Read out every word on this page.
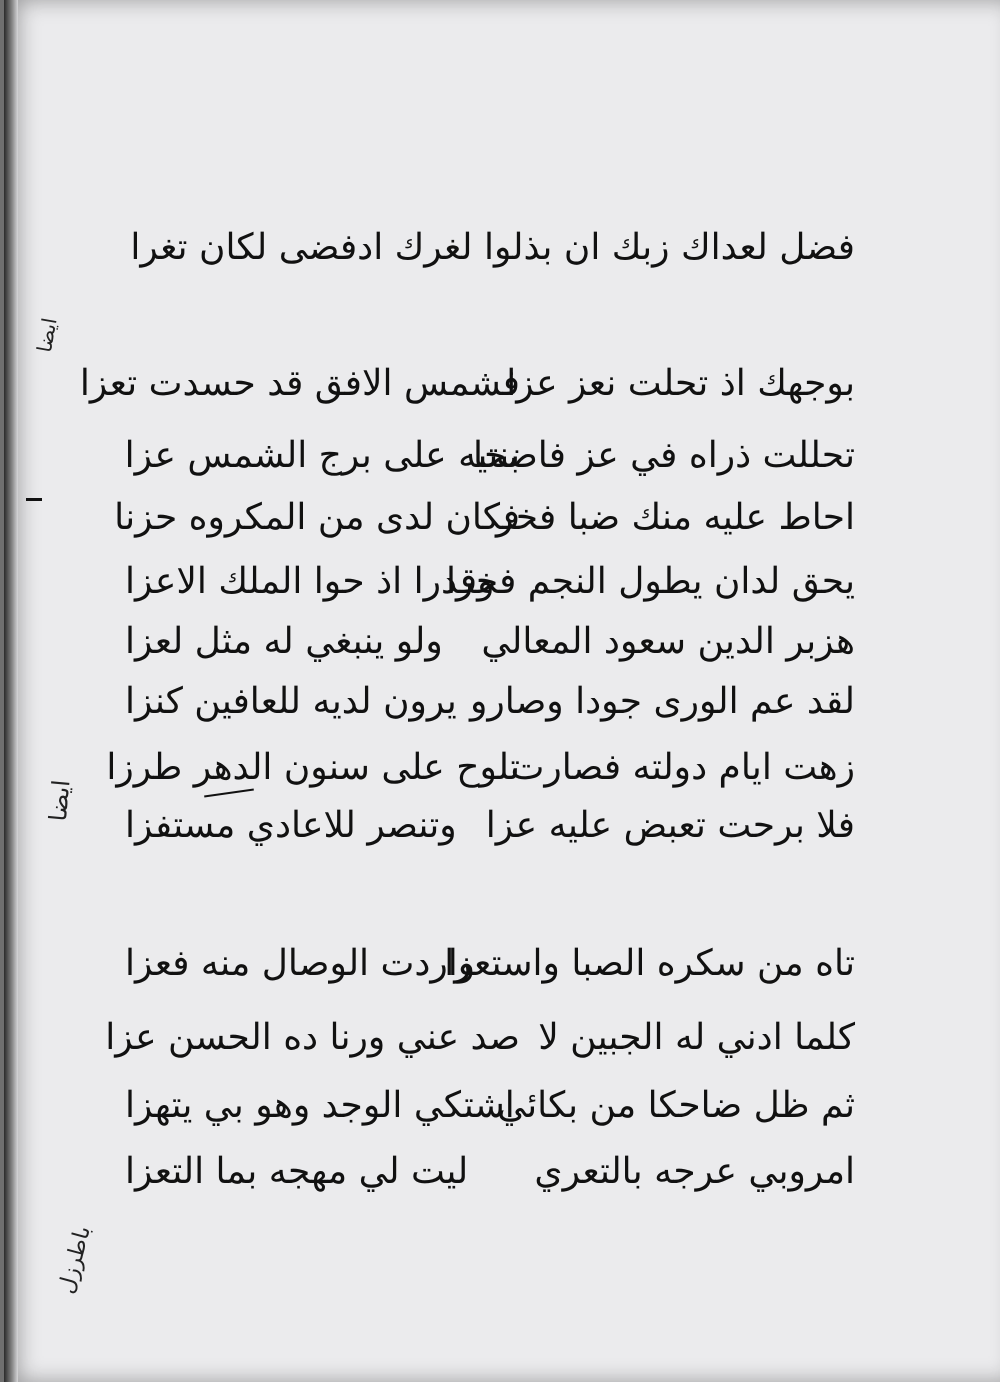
فضل لعداك زبك ان بذلوا لغرك ادفضى لكان تغرا
بوجهك اذ تحلت نعز عزا
فشمس الافق قد حسدت تعزا
تحللت ذراه في عز فاضحا
بنتيه على برج الشمس عزا
احاط عليه منك ضبا فخر
فكان لدى من المكروه حزنا
يحق لدان يطول النجم فخرا
وقدرا اذ حوا الملك الاعزا
هزبر الدين سعود المعالي
ولو ينبغي له مثل لعزا
لقد عم الورى جودا وصارو
يرون لديه للعافين كنزا
زهت ايام دولته فصارت
تلوح على سنون الدهر طرزا
فلا برحت تعبض عليه عزا
وتنصر للاعادي مستفزا
تاه من سكره الصبا واستعزا
واردت الوصال منه فعزا
كلما ادني له الجبين لا
صد عني ورنا ده الحسن عزا
ثم ظل ضاحكا من بكائي
اشتكي الوجد وهو بي يتهزا
امروبي عرجه بالتعري
ليت لي مهجه بما التعزا
ايضا
ايضا
باطرزل
